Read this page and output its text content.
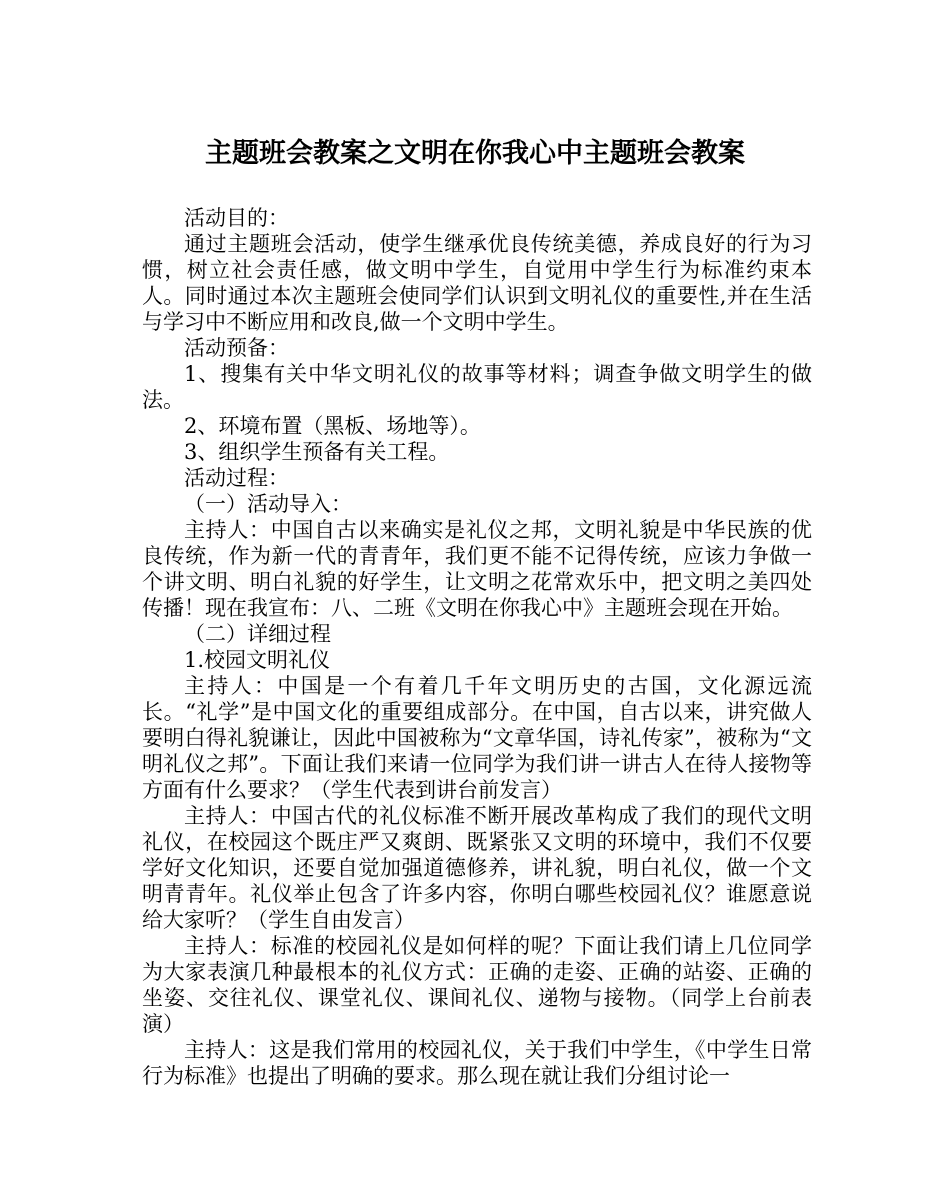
主题班会教案之文明在你我心中主题班会教案

活动目的：

通过主题班会活动，使学生继承优良传统美德，养成良好的行为习惯，树立社会责任感，做文明中学生，自觉用中学生行为标准约束本人。同时通过本次主题班会使同学们认识到文明礼仪的重要性,并在生活与学习中不断应用和改良,做一个文明中学生。

活动预备：

1、搜集有关中华文明礼仪的故事等材料；调查争做文明学生的做法。

2、环境布置（黑板、场地等）。

3、组织学生预备有关工程。

活动过程：

（一）活动导入：

主持人：中国自古以来确实是礼仪之邦，文明礼貌是中华民族的优良传统，作为新一代的青青年，我们更不能不记得传统，应该力争做一个讲文明、明白礼貌的好学生，让文明之花常欢乐中，把文明之美四处传播！现在我宣布：八、二班《文明在你我心中》主题班会现在开始。

（二）详细过程

1.校园文明礼仪

主持人：中国是一个有着几千年文明历史的古国，文化源远流长。“礼学”是中国文化的重要组成部分。在中国，自古以来，讲究做人要明白得礼貌谦让，因此中国被称为“文章华国，诗礼传家”，被称为“文明礼仪之邦”。下面让我们来请一位同学为我们讲一讲古人在待人接物等方面有什么要求？（学生代表到讲台前发言）

主持人：中国古代的礼仪标准不断开展改革构成了我们的现代文明礼仪，在校园这个既庄严又爽朗、既紧张又文明的环境中，我们不仅要学好文化知识，还要自觉加强道德修养，讲礼貌，明白礼仪，做一个文明青青年。礼仪举止包含了许多内容，你明白哪些校园礼仪？谁愿意说给大家听？（学生自由发言）

主持人：标准的校园礼仪是如何样的呢？下面让我们请上几位同学为大家表演几种最根本的礼仪方式：正确的走姿、正确的站姿、正确的坐姿、交往礼仪、课堂礼仪、课间礼仪、递物与接物。（同学上台前表演）

主持人：这是我们常用的校园礼仪，关于我们中学生，《中学生日常行为标准》也提出了明确的要求。那么现在就让我们分组讨论一
